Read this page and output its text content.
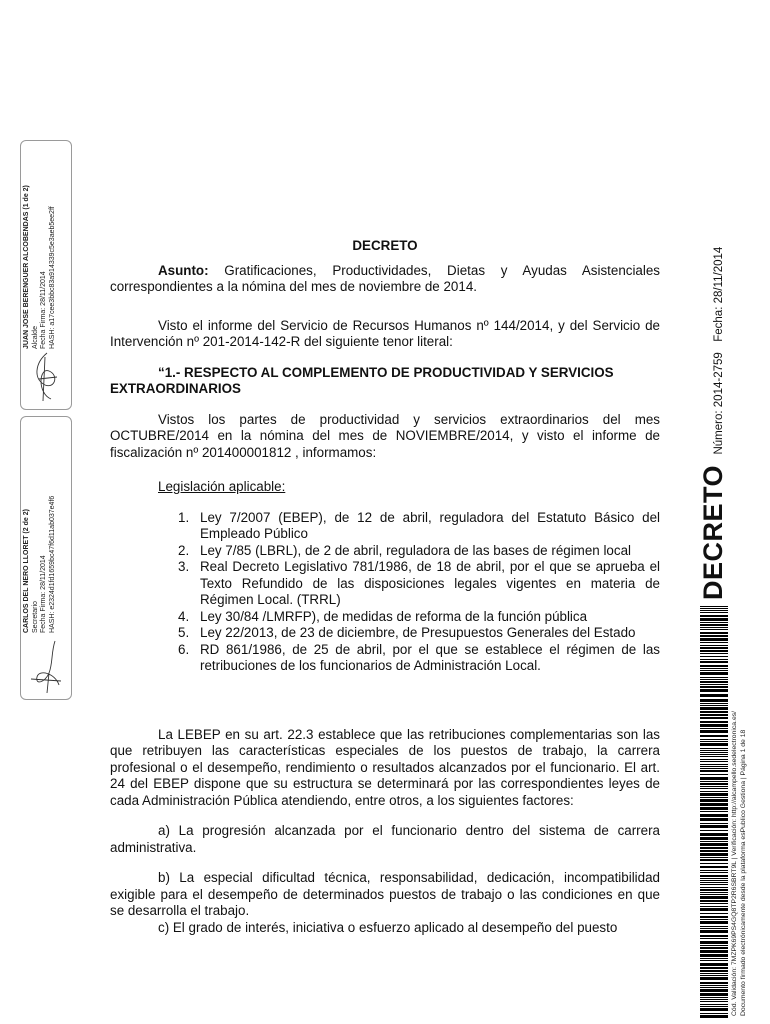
JUAN JOSE BERENGUER ALCOBENDAS (1 de 2) Alcalde Fecha Firma: 28/11/2014 HASH: a17cee3bbc83a914339c5e3aeb5ee2ff
CARLOS DEL NERO LLORET (2 de 2) Secretario Fecha Firma: 28/11/2014 HASH: e2324d1fd1659bc47f6d11ab037e4f6

DECRETO

Asunto: Gratificaciones, Productividades, Dietas y Ayudas Asistenciales correspondientes a la nómina del mes de noviembre de 2014.

Visto el informe del Servicio de Recursos Humanos nº 144/2014, y del Servicio de Intervención nº 201-2014-142-R del siguiente tenor literal:

“1.- RESPECTO AL COMPLEMENTO DE PRODUCTIVIDAD Y SERVICIOS EXTRAORDINARIOS

Vistos los partes de productividad y servicios extraordinarios del mes OCTUBRE/2014 en la nómina del mes de NOVIEMBRE/2014, y visto el informe de fiscalización nº 201400001812 , informamos:

Legislación aplicable:

1. Ley 7/2007 (EBEP), de 12 de abril, reguladora del Estatuto Básico del Empleado Público
2. Ley 7/85 (LBRL), de 2 de abril, reguladora de las bases de régimen local
3. Real Decreto Legislativo 781/1986, de 18 de abril, por el que se aprueba el Texto Refundido de las disposiciones legales vigentes en materia de Régimen Local. (TRRL)
4. Ley 30/84 /LMRFP), de medidas de reforma de la función pública
5. Ley 22/2013, de 23 de diciembre, de Presupuestos Generales del Estado
6. RD 861/1986, de 25 de abril, por el que se establece el régimen de las retribuciones de los funcionarios de Administración Local.

La LEBEP en su art. 22.3 establece que las retribuciones complementarias son las que retribuyen las características especiales de los puestos de trabajo, la carrera profesional o el desempeño, rendimiento o resultados alcanzados por el funcionario. El art. 24 del EBEP dispone que su estructura se determinará por las correspondientes leyes de cada Administración Pública atendiendo, entre otros, a los siguientes factores:

a) La progresión alcanzada por el funcionario dentro del sistema de carrera administrativa.

b) La especial dificultad técnica, responsabilidad, dedicación, incompatibilidad exigible para el desempeño de determinados puestos de trabajo o las condiciones en que se desarrolla el trabajo.

c) El grado de interés, iniciativa o esfuerzo aplicado al desempeño del puesto

DECRETO Número: 2014-2759 Fecha: 28/11/2014
Cód. Validación: 7MZPK69PS4GQ8TP2R6SBRT9L | Verificación: http://alcampello.sedelectronica.es/ Documento firmado electrónicamente desde la plataforma esPublico Gestiona | Página 1 de 18
